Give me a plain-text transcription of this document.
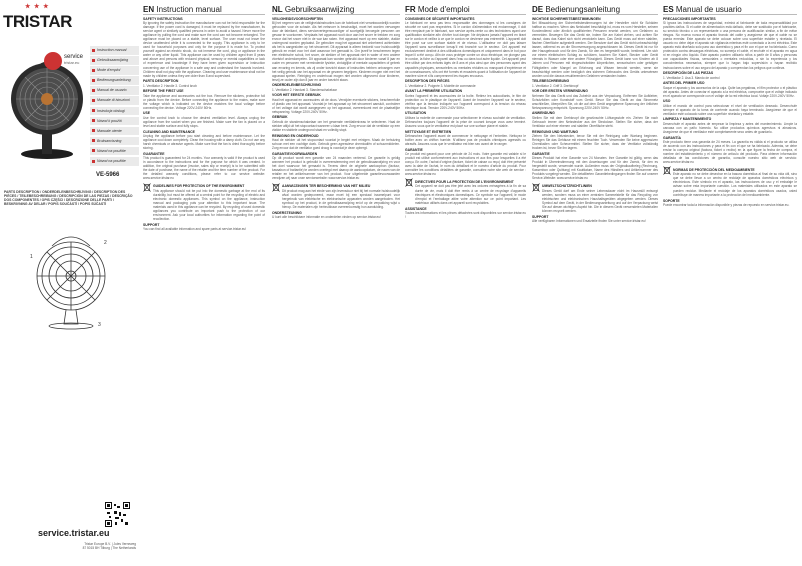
★ ★ ★
TRISTAR
service
tristar.eu
Instruction manual
Gebruiksaanwijzing
Mode d'emploi
Bedienungsanleitung
Manual de usuario
Manuale di istruzioni
Instrukcja obsługi
Návod k použití
Manuale utente
Bruksanvisning
Návod na použitie
Návod na použitie
VE-5966
PARTS DESCRIPTION / ONDERDELENBESCHRIJVING / DESCRIPTION DES PIÈCES / TEILEBESCHREIBUNG / DESCRIPCIÓN DE LAS PIEZAS / DESCRIÇÃO DOS COMPONENTES / OPIS CZĘŚCI / DESCRIZIONE DELLE PARTI / BESKRIVNING AV DELAR / POPIS SOUČÁSTÍ / POPIS SÚČASTÍ
1
2
3
service.tristar.eu
Tristar Europe B.V. | Jules Verneweg 87 5015 BH Tilburg | The Netherlands
EN Instruction manual
SAFETY INSTRUCTIONS

By ignoring the safety instruction the manufacturer can not be held responsible for the damage. If the power cord is damaged, it must be replaced by the manufacturer, its service agent or similarly qualified persons in order to avoid a hazard. Never move the appliance by pulling the cord and make sure the cord can not become entangled. The appliance must be placed on a stable, level surface. The user must not leave the device unattended while it is connected to the supply. This appliance is only to be used for household purposes and only for the purpose it is made for. To protect yourself against an electric shock, do not immerse the cord, plug or appliance in the water or any other liquid. This appliance can be used by children aged from 8 years and above and persons with reduced physical, sensory or mental capabilities or lack of experience and knowledge if they have been given supervision or instruction concerning use of the appliance in a safe way and understand the hazards involved. Children shall not play with the appliance. Cleaning and user maintenance shall not be made by children unless they are older than 8 and supervised.

PARTS DESCRIPTION

1. Ventilator 2. Handle 3. Control knob

BEFORE THE FIRST USE

Take the appliance and accessories out the box. Remove the stickers, protective foil or plastic from the device. Before connecting the appliance to the mains, make sure the voltage which is indicated on the device matches the local voltage before connecting the device. Voltage 220V-240V 50Hz.

USE

Use the control knob to choose the desired ventilation level. Always unplug the appliance from the socket when you are finished. Make sure the fan is placed on a level and stable surface and fully stops.

CLEANING AND MAINTENANCE

Unplug the appliance before you start cleaning and before maintenance. Let the appliance cool down completely. Clean the housing with a damp cloth. Do not use any harsh chemicals or abrasive agents. Make sure that the fan is dried thoroughly before storing.

GUARANTEE

This product is guaranteed for 24 months. Your warranty is valid if the product is used in accordance to the instructions and for the purpose for which it was created. In addition, the original purchase (invoice, sales slip or receipt) is to be submitted with the date of purchase, the name of the retailer and the item number of the product. For the detailed warranty conditions, please refer to our service website: www.service.tristar.eu

GUIDELINES FOR PROTECTION OF THE ENVIRONMENT

This appliance should not be put into the domestic garbage at the end of its durability, but must be offered at a central point for the recycling of electric and electronic domestic appliances. This symbol on the appliance, instruction manual and packaging puts your attention to this important issue. The materials used in this appliance can be recycled. By recycling of used domestic appliances you contribute an important push to the protection of our environment. Ask your local authorities for information regarding the point of recollection.

SUPPORT

You can find all available information and spare parts at service.tristar.eu!

NL Gebruiksaanwijzing
VEILIGHEIDSVOORSCHRIFTEN

Bij het negeren van de veiligheidsinstructies kan de fabrikant niet verantwoordelijk worden gehouden voor de schade. Als het netsnoer is beschadigd, moet het worden vervangen door de fabrikant, diens servicevertegenwoordiger of soortgelijk bevoegde personen om gevaar te voorkomen. Verplaats het apparaat nooit door aan het snoer te trekken en zorg ervoor dat het snoer niet in de war kan raken. Het apparaat moet op een stabiele, vlakke ondergrond worden geplaatst. De gebruiker mag het apparaat niet onbeheerd achterlaten als het is aangesloten op het stroomnet. Dit apparaat is alleen bedoeld voor huishoudelijk gebruik en enkel voor het doel waarvoor het gemaakt is. Om jezelf te beschermen tegen een elektrische schok, het snoer, de stekker of het apparaat niet in water of een andere vloeistof onderdompelen. Dit apparaat kan worden gebruikt door kinderen vanaf 8 jaar en ouder en personen met verminderde fysieke, zintuiglijke of mentale capaciteiten of gebrek aan ervaring en kennis, als zij onder toezicht staan of instructies hebben ontvangen over het veilig gebruik van het apparaat en de gevaren begrijpen. Kinderen mogen niet met het apparaat spelen. Reiniging en onderhoud mogen niet worden uitgevoerd door kinderen, tenzij ze ouder zijn dan 8 jaar en onder toezicht staan.

ONDERDELENBESCHRIJVING

1. Ventilator 2. Handvat 3. Standenschakelaar

VOOR HET EERSTE GEBRUIK

Haal het apparaat en accessoires uit de doos. Verwijder eventuele stickers, beschermfolie of plastic van het apparaat. Voordat je het apparaat op het stroomnet aansluit, controleer of het voltage dat wordt aangegeven op het apparaat, overeenkomt met de plaatselijke netspanning. Voltage 220V-240V 50Hz.

GEBRUIK

Gebruik de standenschakelaar om het gewenste ventilatieniveau te selecteren. Haal de stekker altijd uit het stopcontact wanneer u klaar bent. Zorg ervoor dat de ventilator op een vlakke en stabiele ondergrond staat en volledig stopt.

REINIGING EN ONDERHOUD

Haal de stekker uit het stopcontact voordat je begint met reinigen. Maak de behuizing schoon met een vochtige doek. Gebruik geen agressieve chemicaliën of schuurmiddelen. Zorg ervoor dat de ventilator goed droog is voordat je deze opbergt.

GARANTIEVOORWAARDEN

Op dit product wordt een garantie van 24 maanden verleend. De garantie is geldig wanneer het product is gebruikt in overeenstemming met de gebruiksaanwijzing en voor het doel waarvoor het gemaakt is. Tevens dient de originele aankoopbon (factuur, kassabon of kwitantie) te worden overlegd met daarop de aankoopdatum, de naam van de retailer en het artikelnummer van het product. Voor uitgebreide garantievoorwaarden verwijzen wij naar onze servicewebsite: www.service.tristar.eu

AANWIJZINGEN TER BESCHERMING VAN HET MILIEU

Dit product mag aan het einde van zijn levensduur niet bij het normale huishoudelijk afval worden gedeponeerd, maar moet bij een speciaal inzamelpunt voor hergebruik van elektrische en elektronische apparaten worden aangeboden. Het symbool op het product, in de gebruiksaanwijzing en/of op de verpakking wijst u hierop. De materialen zijn herbruikbaar overeenkomstig hun aanduiding.

ONDERSTEUNING

U kunt alle beschikbare informatie en onderdelen vinden op service.tristar.eu!

FR Mode d'emploi
CONSIGNES DE SÉCURITÉ IMPORTANTES

Le fabricant ne sera pas tenu responsable des dommages si les consignes de sécurité ne sont pas respectées. Si le cordon d'alimentation est endommagé, il doit être remplacé par le fabricant, son service après-vente ou des techniciens ayant une qualification similaire afin d'éviter tout danger. Ne déplacez jamais l'appareil en tirant sur le cordon et veillez à ce que le cordon ne devienne pas entremêlé. L'appareil doit être posé sur une surface stable et de niveau. L'utilisateur ne doit pas laisser l'appareil sans surveillance lorsqu'il est branché sur le secteur. Cet appareil est exclusivement destiné à des utilisations domestiques et uniquement dans le but pour lequel il a été conçu. Afin de vous protéger contre un choc électrique, ne plongez pas le cordon, la fiche ou l'appareil dans l'eau ou dans tout autre liquide. Cet appareil peut être utilisé par des enfants âgés de 8 ans et plus ainsi que des personnes ayant des capacités physiques, sensorielles ou mentales réduites ou manquant d'expérience et de connaissances, s'ils ont été formés et encadrés quant à l'utilisation de l'appareil de manière sûre et s'ils comprennent les risques encourus.

DESCRIPTION DES PIÈCES

1. Ventilateur 2. Poignée 3. Molette de commande

AVANT LA PREMIÈRE UTILISATION

Sortez l'appareil et les accessoires de la boîte. Retirez les autocollants, le film de protection ou le plastique de l'appareil. Avant de brancher l'appareil sur le secteur, vérifiez que la tension indiquée sur l'appareil correspond à la tension du réseau électrique local. Tension 220V-240V 50Hz.

UTILISATION

Utilisez la molette de commande pour sélectionner le niveau souhaité de ventilation. Débranchez toujours l'appareil de la prise de courant lorsque vous avez terminé. Assurez-vous que le ventilateur est placé sur une surface plane et stable.

NETTOYAGE ET ENTRETIEN

Débranchez l'appareil avant de commencer le nettoyage et l'entretien. Nettoyez le boîtier avec un chiffon humide. N'utilisez pas de produits chimiques agressifs ou abrasifs. Assurez-vous que le ventilateur est bien sec avant de le ranger.

GARANTIE

Ce produit est garanti pour une période de 24 mois. Votre garantie est valable si le produit est utilisé conformément aux instructions et aux fins pour lesquelles il a été conçu. En outre, l'achat d'origine (facture, ticket de caisse ou reçu) doit être présenté avec la date de l'achat, le nom du détaillant et le numéro d'article du produit. Pour connaître les conditions détaillées de garantie, consultez notre site web de service : www.service.tristar.eu

DIRECTIVES POUR LA PROTECTION DE L'ENVIRONNEMENT

Cet appareil ne doit pas être jeté avec les ordures ménagères à la fin de sa durée de vie, mais il doit être remis à un centre de recyclage d'appareils électriques et électroniques domestiques. Ce symbole sur l'appareil, le mode d'emploi et l'emballage attire votre attention sur ce point important. Les matériaux utilisés dans cet appareil sont recyclables.

ASSISTANCE

Toutes les informations et les pièces détachées sont disponibles sur service.tristar.eu !

DE Bedienungsanleitung
WICHTIGE SICHERHEITSBESTIMMUNGEN

Bei Missachtung der Sicherheitsbestimmungen ist der Hersteller nicht für Schäden haftbar zu machen. Wenn das Netzkabel beschädigt ist, muss es vom Hersteller, seinem Kundendienst oder ähnlich qualifizierten Personen ersetzt werden, um Gefahren zu vermeiden. Bewegen Sie das Gerät nie, indem Sie am Kabel ziehen, und achten Sie darauf, dass das Kabel sich nicht verwickeln kann. Das Gerät muss auf einer stabilen, flachen Oberfläche aufgestellt werden. Der Benutzer darf das Gerät nicht unbeaufsichtigt lassen, während es an die Stromversorgung angeschlossen ist. Dieses Gerät ist nur für den Hausgebrauch und für den Zweck, für den es hergestellt wurde, bestimmt. Um sich vor einem elektrischen Schlag zu schützen, tauchen Sie Kabel, Stecker oder Gerät niemals in Wasser oder eine andere Flüssigkeit. Dieses Gerät kann von Kindern ab 8 Jahren und Personen mit eingeschränkten körperlichen, sensorischen oder geistigen Fähigkeiten oder Mangel an Erfahrung und Wissen benutzt werden, wenn sie beaufsichtigt werden oder bezüglich des sicheren Gebrauchs des Geräts unterwiesen wurden und die daraus resultierenden Gefahren verstanden haben.

TEILEBESCHREIBUNG

1. Ventilator 2. Griff 3. Drehknopf

VOR DER ERSTEN VERWENDUNG

Nehmen Sie das Gerät und das Zubehör aus der Verpackung. Entfernen Sie Aufkleber, Schutzfolien oder Kunststoff vom Gerät. Bevor Sie das Gerät an das Stromnetz anschließen, überprüfen Sie, ob die auf dem Gerät angegebene Spannung der örtlichen Netzspannung entspricht. Spannung 220V-240V 50Hz.

ANWENDUNG

Stellen Sie mit dem Drehknopf die gewünschte Lüftungsstufe ein. Ziehen Sie nach Gebrauch immer den Netzstecker aus der Steckdose. Stellen Sie sicher, dass der Ventilator auf einer ebenen und stabilen Oberfläche steht.

REINIGUNG UND WARTUNG

Ziehen Sie den Netzstecker, bevor Sie mit der Reinigung oder Wartung beginnen. Reinigen Sie das Gehäuse mit einem feuchten Tuch. Verwenden Sie keine aggressiven Chemikalien oder Scheuermittel. Stellen Sie sicher, dass der Ventilator vollständig trocken ist, bevor Sie ihn lagern.

GARANTIE

Dieses Produkt hat eine Garantie von 24 Monaten. Ihre Garantie ist gültig, wenn das Produkt in Übereinstimmung mit den Anweisungen und für den Zweck, für den es hergestellt wurde, verwendet wurde. Außerdem muss der Originalkaufbeleg (Rechnung, Kassenbon oder Quittung) mit Kaufdatum, Name des Händlers und Artikelnummer des Produkts vorgelegt werden. Die detaillierten Garantiebedingungen finden Sie auf unserer Service-Website: www.service.tristar.eu

UMWELTSCHUTZRICHTLINIEN

Dieses Gerät darf am Ende seiner Lebensdauer nicht im Hausmüll entsorgt werden, sondern muss an einer zentralen Sammelstelle für das Recycling von elektrischen und elektronischen Haushaltsgeräten abgegeben werden. Dieses Symbol auf dem Gerät, in der Bedienungsanleitung und auf der Verpackung weist Sie auf diesen wichtigen Aspekt hin. Die in diesem Gerät verwendeten Materialien können recycelt werden.

SUPPORT

Alle verfügbaren Informationen und Ersatzteile finden Sie unter service.tristar.eu!

ES Manual de usuario
PRECAUCIONES IMPORTANTES

Si ignora las instrucciones de seguridad, eximirá al fabricante de toda responsabilidad por posibles daños. Si el cable de alimentación está dañado, debe ser sustituido por el fabricante, su servicio técnico o un representante o una persona de cualificación similar, a fin de evitar riesgos. No mueva nunca el aparato tirando del cable y asegúrese de que el cable no se pueda enredar. Este aparato se debe colocar sobre una superficie estable y nivelada. El usuario no debe dejar el aparato sin vigilancia mientras esté conectado a la red eléctrica. Este aparato está diseñado solo para uso doméstico y para el fin con el que se ha fabricado. Como protección contra descargas eléctricas, no sumerja el cable, el enchufe ni el aparato en agua ni en ningún otro líquido. Este aparato pueden utilizarlo niños a partir de 8 años y personas con capacidades físicas, sensoriales o mentales reducidas, o sin la experiencia y los conocimientos necesarios, siempre que lo hagan bajo supervisión o hayan recibido instrucciones sobre el uso seguro del aparato y comprendan los peligros que conlleva.

DESCRIPCIÓN DE LAS PIEZAS

1. Ventilador 2. Asa 3. Mando de control

ANTES DEL PRIMER USO

Saque el aparato y los accesorios de la caja. Quite las pegatinas, el film protector o el plástico del aparato. Antes de conectar el aparato a la red eléctrica, compruebe que el voltaje indicado en el aparato se corresponde con el voltaje de la red eléctrica local. Voltaje 220V-240V 50Hz.

USO

Utilice el mando de control para seleccionar el nivel de ventilación deseado. Desenchufe siempre el aparato de la toma de corriente cuando haya terminado. Asegúrese de que el ventilador esté colocado sobre una superficie nivelada y estable.

LIMPIEZA Y MANTENIMIENTO

Desenchufe el aparato antes de empezar la limpieza y antes del mantenimiento. Limpie la carcasa con un paño húmedo. No utilice productos químicos agresivos ni abrasivos. Asegúrese de que el ventilador esté completamente seco antes de guardarlo.

GARANTÍA

Este producto tiene una garantía de 24 meses. La garantía es válida si el producto se utiliza de acuerdo con las instrucciones y para el fin con el que se ha fabricado. Además, se debe enviar la compra original (factura, ticket o recibo) en la que figure la fecha de compra, el nombre del establecimiento y el número de artículo del producto. Para obtener información detallada de las condiciones de garantía, consulte nuestro sitio web de servicio: www.service.tristar.eu

NORMAS DE PROTECCIÓN DEL MEDIOAMBIENTE

Este aparato no se debe desechar en la basura doméstica al final de su vida útil, sino que se debe llevar a un centro de reciclaje de aparatos domésticos eléctricos y electrónicos. Este símbolo en el aparato, las instrucciones de uso y el embalaje le avisan sobre esta importante cuestión. Los materiales utilizados en este aparato se pueden reciclar. Mediante el reciclaje de los aparatos domésticos usados, usted contribuye de manera importante a la protección del medioambiente.

SOPORTE

Puede encontrar toda la información disponible y piezas de repuesto en service.tristar.eu.
